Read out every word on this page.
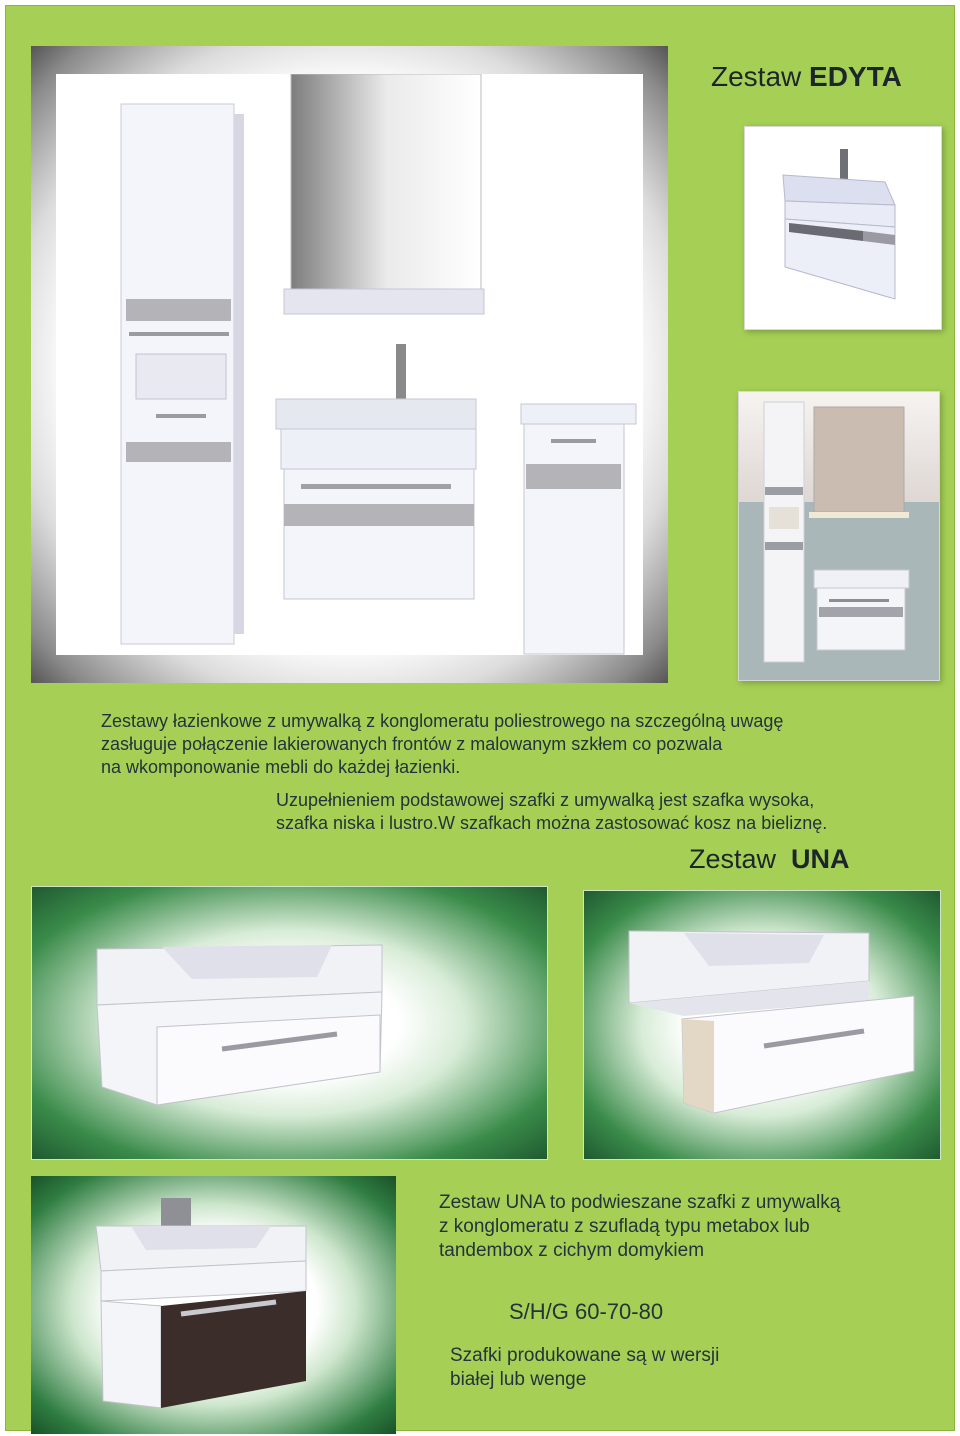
Zestaw EDYTA
Zestawy łazienkowe z umywalką z konglomeratu poliestrowego na szczególną uwagę
zasługuje połączenie lakierowanych frontów z malowanym szkłem co pozwala
na wkomponowanie mebli do każdej łazienki.
Uzupełnieniem podstawowej szafki z umywalką jest szafka wysoka,
szafka niska i lustro.W szafkach można zastosować kosz na bieliznę.
Zestaw  UNA
Zestaw UNA to podwieszane szafki z umywalką
z konglomeratu z szufladą typu metabox lub
tandembox z cichym domykiem
S/H/G 60-70-80
Szafki produkowane są w wersji
białej lub wenge
